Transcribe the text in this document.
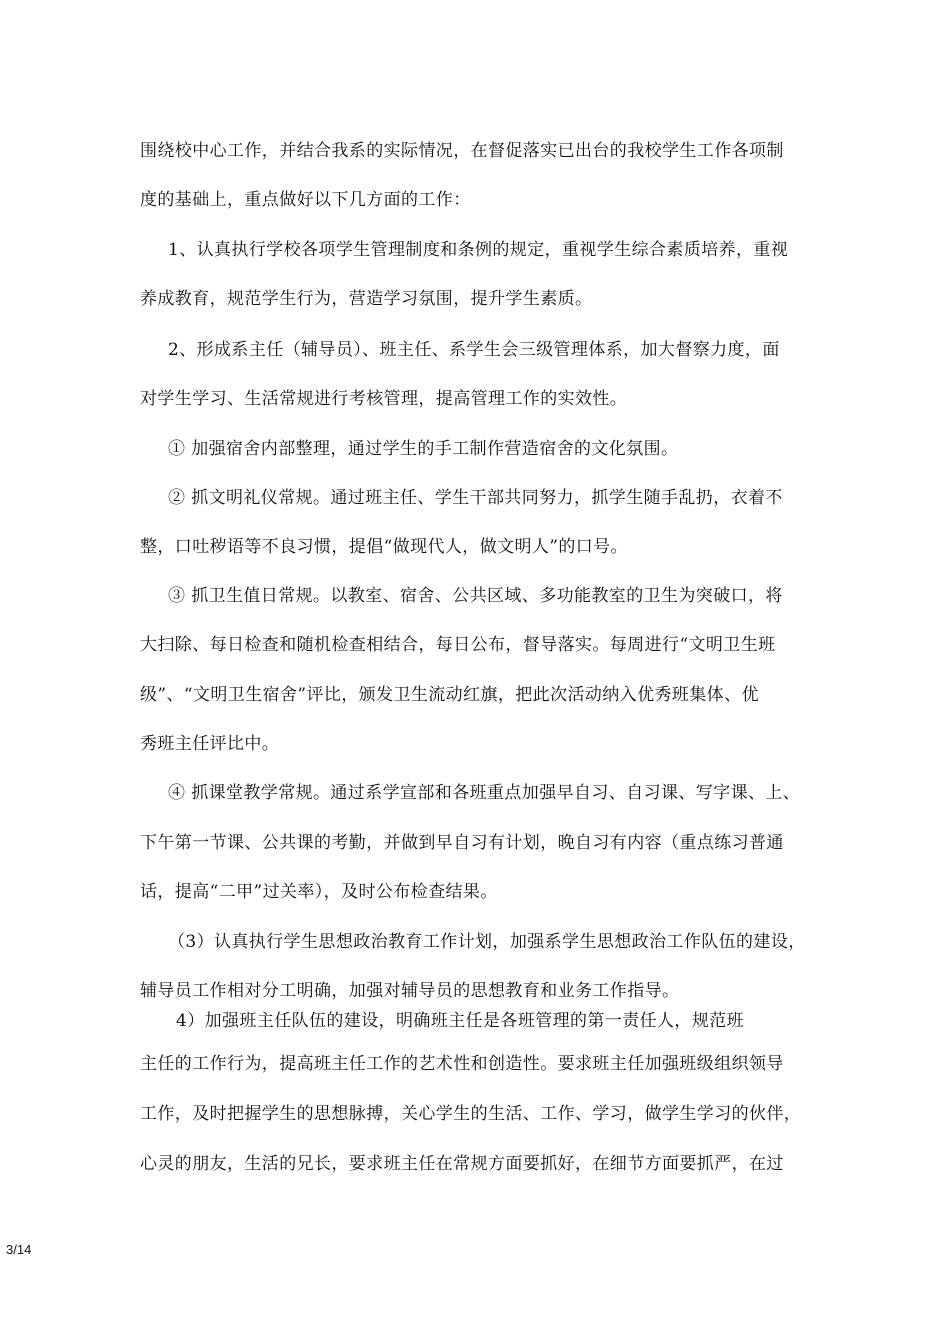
围绕校中心工作，并结合我系的实际情况，在督促落实已出台的我校学生工作各项制
度的基础上，重点做好以下几方面的工作：
1、认真执行学校各项学生管理制度和条例的规定，重视学生综合素质培养，重视
养成教育，规范学生行为，营造学习氛围，提升学生素质。
2、形成系主任（辅导员）、班主任、系学生会三级管理体系，加大督察力度，面
对学生学习、生活常规进行考核管理，提高管理工作的实效性。
① 加强宿舍内部整理，通过学生的手工制作营造宿舍的文化氛围。
② 抓文明礼仪常规。通过班主任、学生干部共同努力，抓学生随手乱扔，衣着不
整，口吐秽语等不良习惯，提倡“做现代人，做文明人”的口号。
③ 抓卫生值日常规。以教室、宿舍、公共区域、多功能教室的卫生为突破口，将
大扫除、每日检查和随机检查相结合，每日公布，督导落实。每周进行“文明卫生班
级”、“文明卫生宿舍”评比，颁发卫生流动红旗，把此次活动纳入优秀班集体、优
秀班主任评比中。
④ 抓课堂教学常规。通过系学宣部和各班重点加强早自习、自习课、写字课、上、
下午第一节课、公共课的考勤，并做到早自习有计划，晚自习有内容（重点练习普通
话，提高“二甲”过关率），及时公布检查结果。
（3）认真执行学生思想政治教育工作计划，加强系学生思想政治工作队伍的建设，
辅导员工作相对分工明确，加强对辅导员的思想教育和业务工作指导。
4）加强班主任队伍的建设，明确班主任是各班管理的第一责任人，规范班
主任的工作行为，提高班主任工作的艺术性和创造性。要求班主任加强班级组织领导
工作，及时把握学生的思想脉搏，关心学生的生活、工作、学习，做学生学习的伙伴，
心灵的朋友，生活的兄长，要求班主任在常规方面要抓好，在细节方面要抓严，在过
3/14
